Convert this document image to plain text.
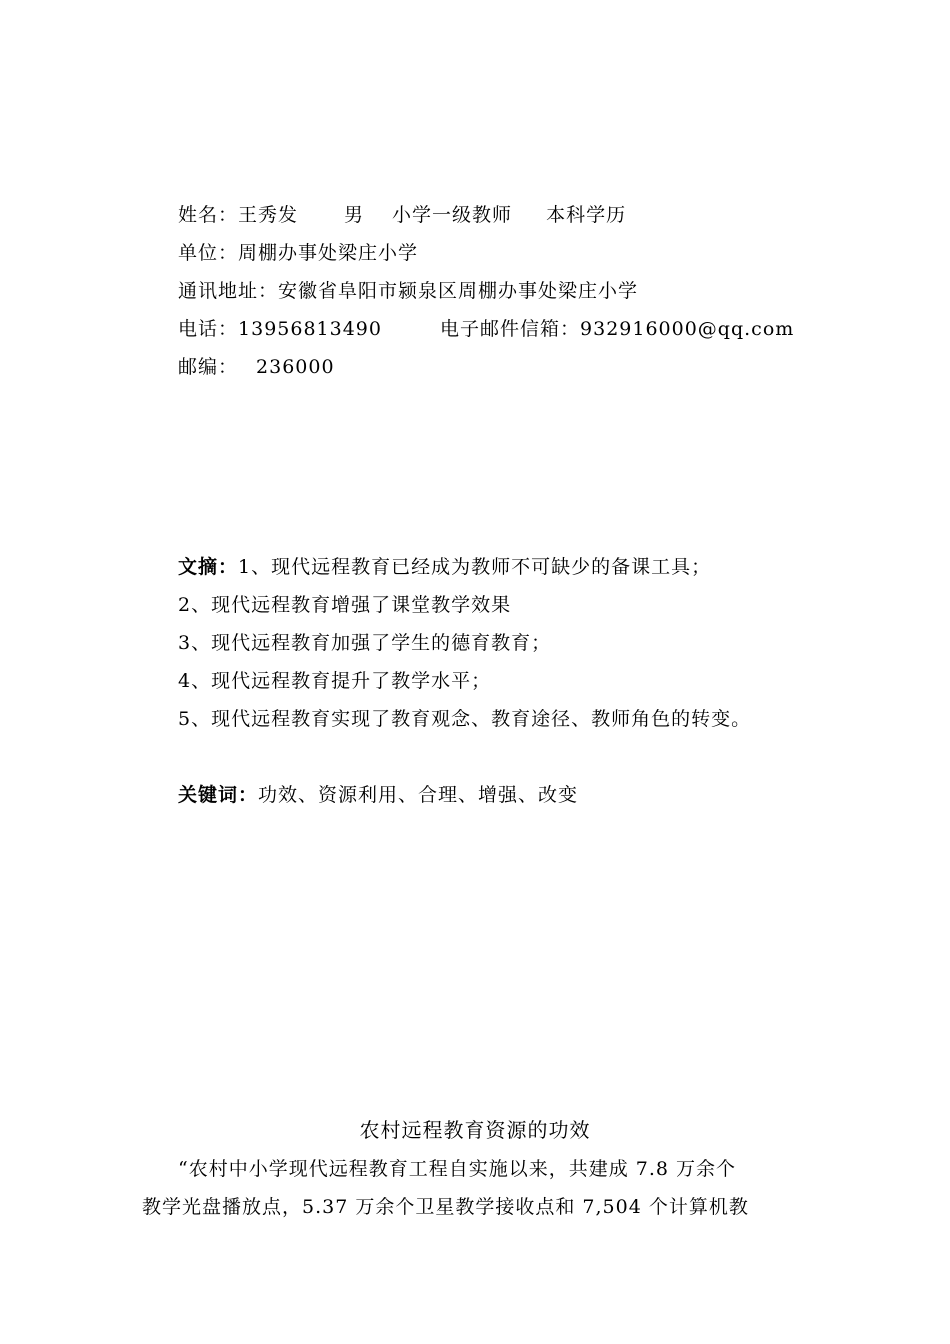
姓名：王秀发 男 小学一级教师 本科学历
单位：周棚办事处梁庄小学
通讯地址：安徽省阜阳市颍泉区周棚办事处梁庄小学
电话：13956813490	电子邮件信箱：932916000@qq.com
邮编： 236000
文摘：1、现代远程教育已经成为教师不可缺少的备课工具；
2、现代远程教育增强了课堂教学效果
3、现代远程教育加强了学生的德育教育；
4、现代远程教育提升了教学水平；
5、现代远程教育实现了教育观念、教育途径、教师角色的转变。
关键词：功效、资源利用、合理、增强、改变
农村远程教育资源的功效
“农村中小学现代远程教育工程自实施以来，共建成 7.8 万余个
教学光盘播放点，5.37 万余个卫星教学接收点和 7,504 个计算机教
